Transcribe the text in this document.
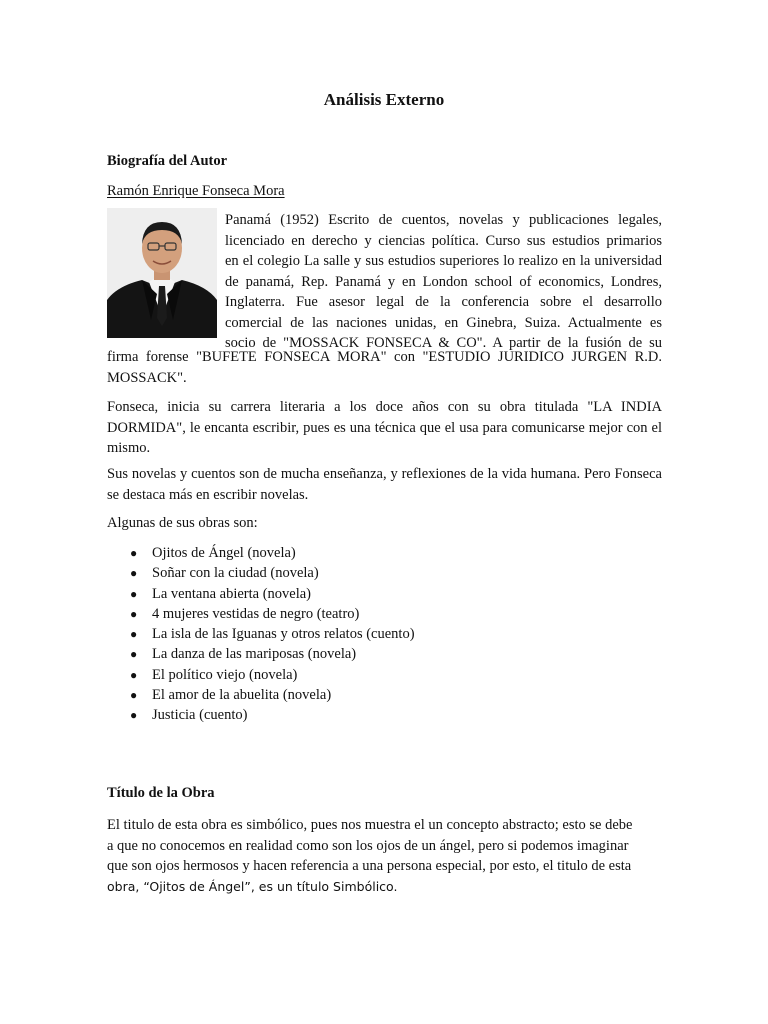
Análisis Externo
Biografía del Autor
Ramón Enrique Fonseca Mora
Panamá (1952) Escrito de cuentos, novelas y publicaciones legales,
licenciado en derecho y ciencias política. Curso sus estudios primarios
en el colegio La salle y sus estudios superiores lo realizo en la universidad
de panamá, Rep. Panamá y en London school of economics, Londres,
Inglaterra. Fue asesor legal de la conferencia sobre el desarrollo
comercial de las naciones unidas, en Ginebra, Suiza. Actualmente es
socio de "MOSSACK FONSECA & CO". A partir de la fusión de su
firma forense "BUFETE FONSECA MORA" con "ESTUDIO JURIDICO JURGEN R.D. MOSSACK".
Fonseca, inicia su carrera literaria a los doce años con su obra titulada "LA INDIA DORMIDA", le encanta escribir, pues es una técnica que el usa para comunicarse mejor con el mismo.
Sus novelas y cuentos son de mucha enseñanza, y reflexiones de la vida humana. Pero Fonseca se destaca más en escribir novelas.
Algunas de sus obras son:
● Ojitos de Ángel (novela)
● Soñar con la ciudad (novela)
● La ventana abierta (novela)
● 4 mujeres vestidas de negro (teatro)
● La isla de las Iguanas y otros relatos (cuento)
● La danza de las mariposas (novela)
● El político viejo (novela)
● El amor de la abuelita (novela)
● Justicia (cuento)
Título de la Obra
El titulo de esta obra es simbólico, pues nos muestra el un concepto abstracto; esto se debe
a que no conocemos en realidad como son los ojos de un ángel, pero si podemos imaginar
que son ojos hermosos y hacen referencia a una persona especial, por esto, el titulo de esta
obra, “Ojitos de Ángel”, es un título Simbólico.
